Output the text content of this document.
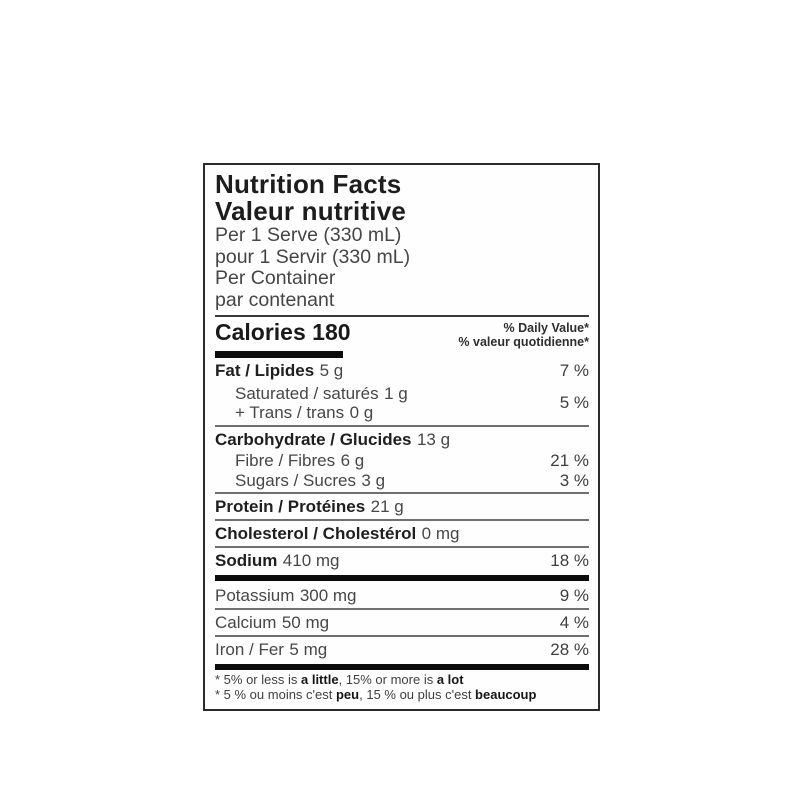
Nutrition Facts
Valeur nutritive
Per 1 Serve (330 mL)
pour 1 Servir (330 mL)
Per Container
par contenant
Calories 180	% Daily Value*
% valeur quotidienne*
Fat / Lipides 5 g	7 %
Saturated / saturés 1 g
+ Trans / trans 0 g	5 %
Carbohydrate / Glucides 13 g
Fibre / Fibres 6 g	21 %
Sugars / Sucres 3 g	3 %
Protein / Protéines 21 g
Cholesterol / Cholestérol 0 mg
Sodium 410 mg	18 %
Potassium 300 mg	9 %
Calcium 50 mg	4 %
Iron / Fer 5 mg	28 %
* 5% or less is a little, 15% or more is a lot
* 5 % ou moins c'est peu, 15 % ou plus c'est beaucoup
